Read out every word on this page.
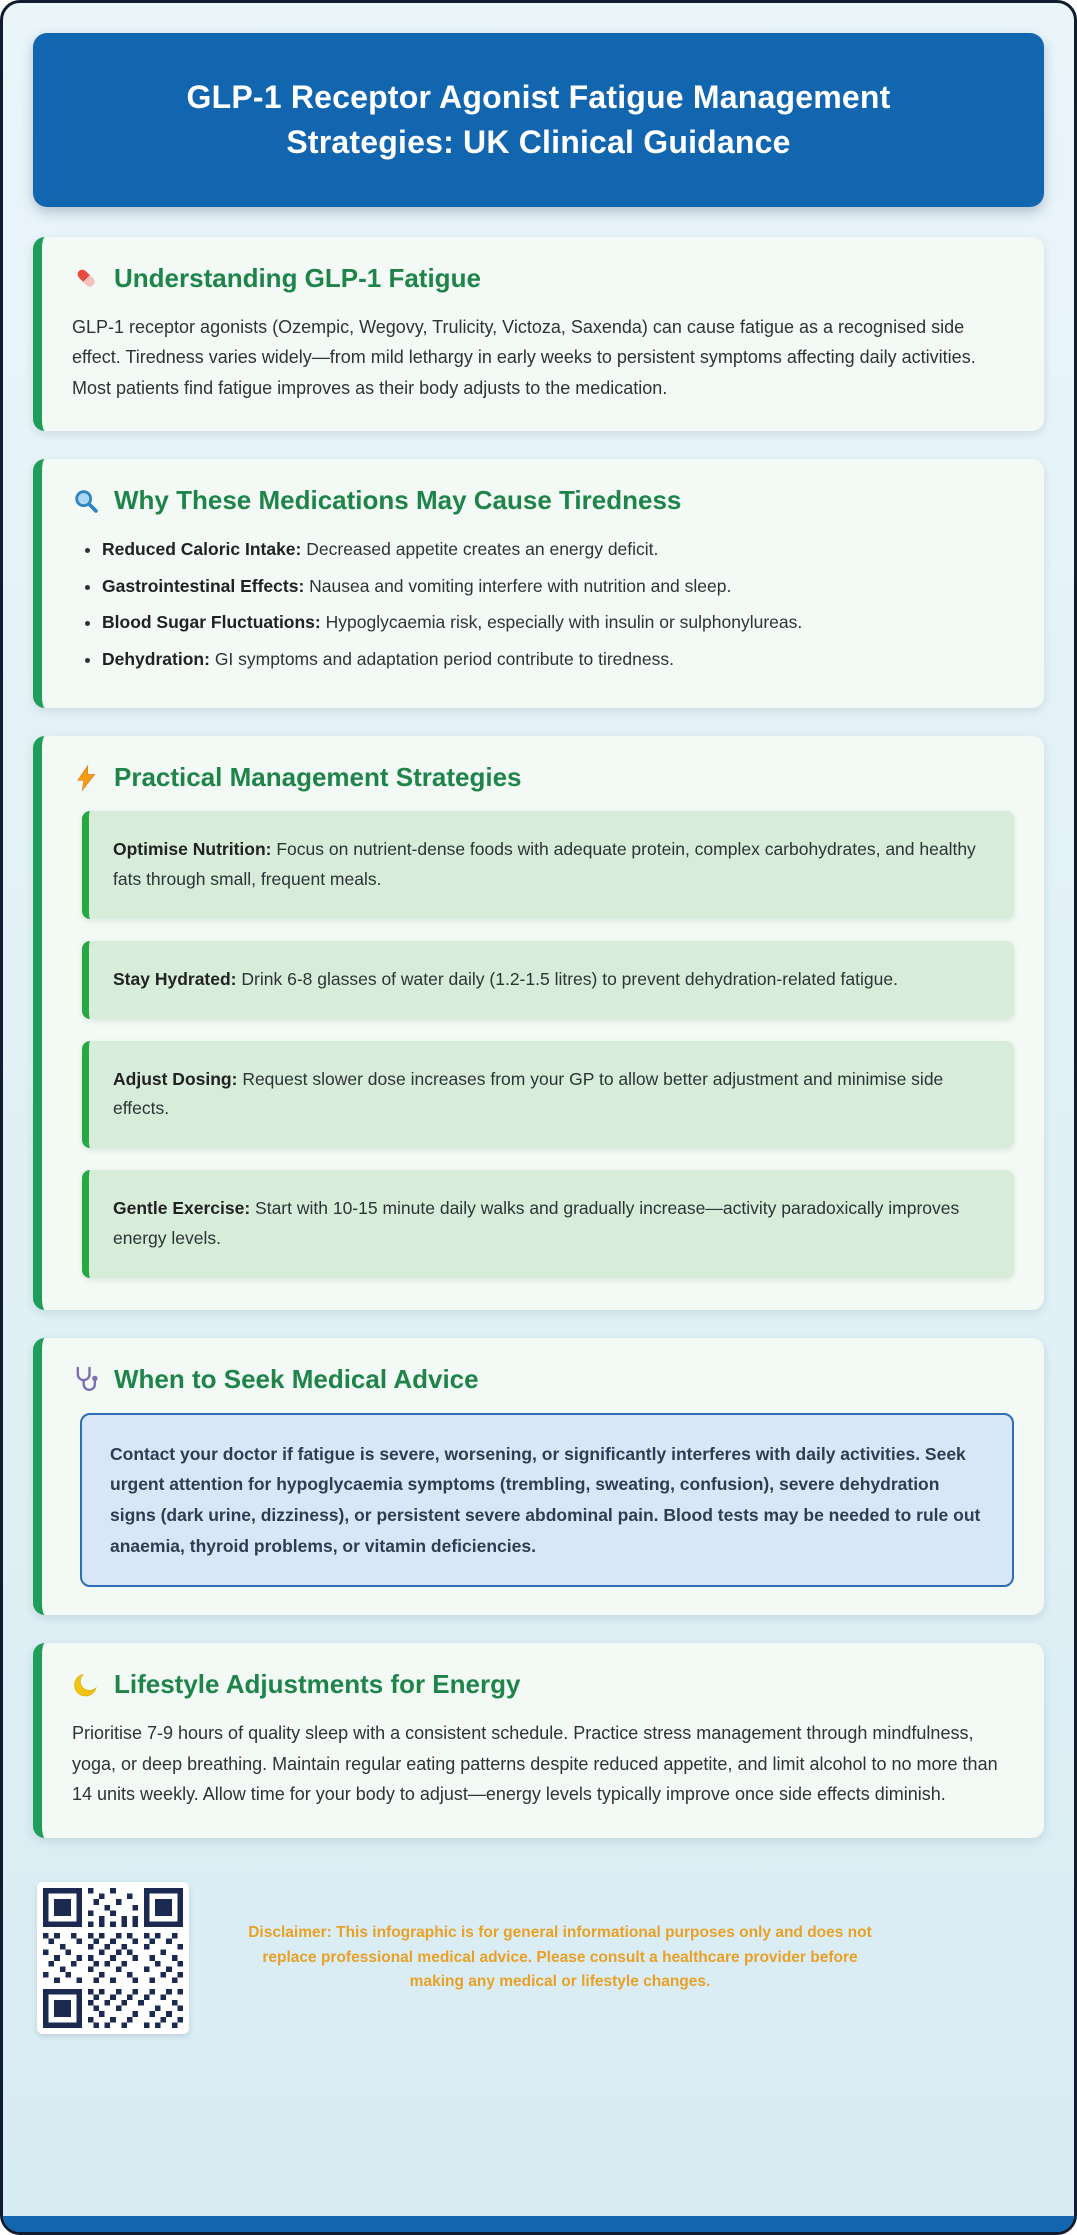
GLP-1 Receptor Agonist Fatigue Management Strategies: UK Clinical Guidance
Understanding GLP-1 Fatigue

GLP-1 receptor agonists (Ozempic, Wegovy, Trulicity, Victoza, Saxenda) can cause fatigue as a recognised side effect. Tiredness varies widely—from mild lethargy in early weeks to persistent symptoms affecting daily activities. Most patients find fatigue improves as their body adjusts to the medication.

Why These Medications May Cause Tiredness
• Reduced Caloric Intake: Decreased appetite creates an energy deficit.
• Gastrointestinal Effects: Nausea and vomiting interfere with nutrition and sleep.
• Blood Sugar Fluctuations: Hypoglycaemia risk, especially with insulin or sulphonylureas.
• Dehydration: GI symptoms and adaptation period contribute to tiredness.
Practical Management Strategies
Optimise Nutrition: Focus on nutrient-dense foods with adequate protein, complex carbohydrates, and healthy fats through small, frequent meals.
Stay Hydrated: Drink 6-8 glasses of water daily (1.2-1.5 litres) to prevent dehydration-related fatigue.
Adjust Dosing: Request slower dose increases from your GP to allow better adjustment and minimise side effects.
Gentle Exercise: Start with 10-15 minute daily walks and gradually increase—activity paradoxically improves energy levels.
When to Seek Medical Advice

Contact your doctor if fatigue is severe, worsening, or significantly interferes with daily activities. Seek urgent attention for hypoglycaemia symptoms (trembling, sweating, confusion), severe dehydration signs (dark urine, dizziness), or persistent severe abdominal pain. Blood tests may be needed to rule out anaemia, thyroid problems, or vitamin deficiencies.

Lifestyle Adjustments for Energy

Prioritise 7-9 hours of quality sleep with a consistent schedule. Practice stress management through mindfulness, yoga, or deep breathing. Maintain regular eating patterns despite reduced appetite, and limit alcohol to no more than 14 units weekly. Allow time for your body to adjust—energy levels typically improve once side effects diminish.

Disclaimer: This infographic is for general informational purposes only and does not replace professional medical advice. Please consult a healthcare provider before making any medical or lifestyle changes.
